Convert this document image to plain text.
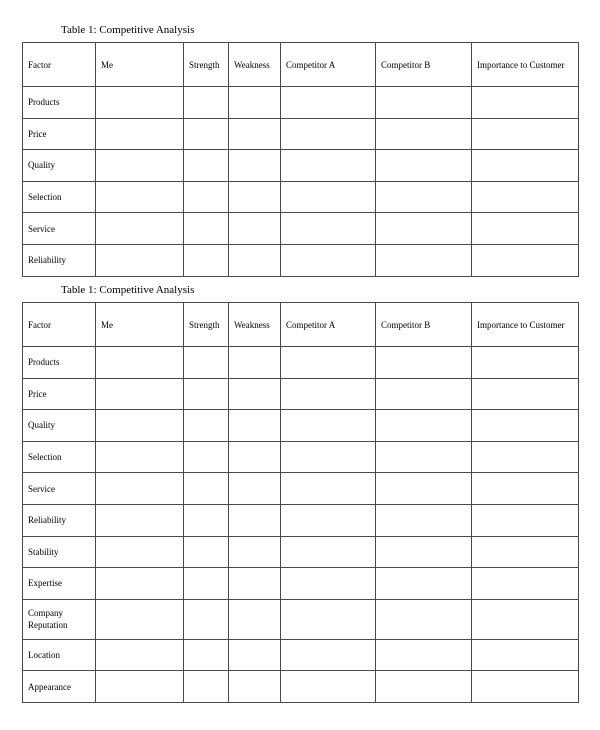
Table 1: Competitive Analysis
Factor	Me	Strength	Weakness	Competitor A	Competitor B	Importance to Customer
Products						
Price						
Quality						
Selection						
Service						
Reliability						
Table 1: Competitive Analysis
Factor	Me	Strength	Weakness	Competitor A	Competitor B	Importance to Customer
Products						
Price						
Quality						
Selection						
Service						
Reliability						
Stability						
Expertise						
Company Reputation						
Location						
Appearance						
